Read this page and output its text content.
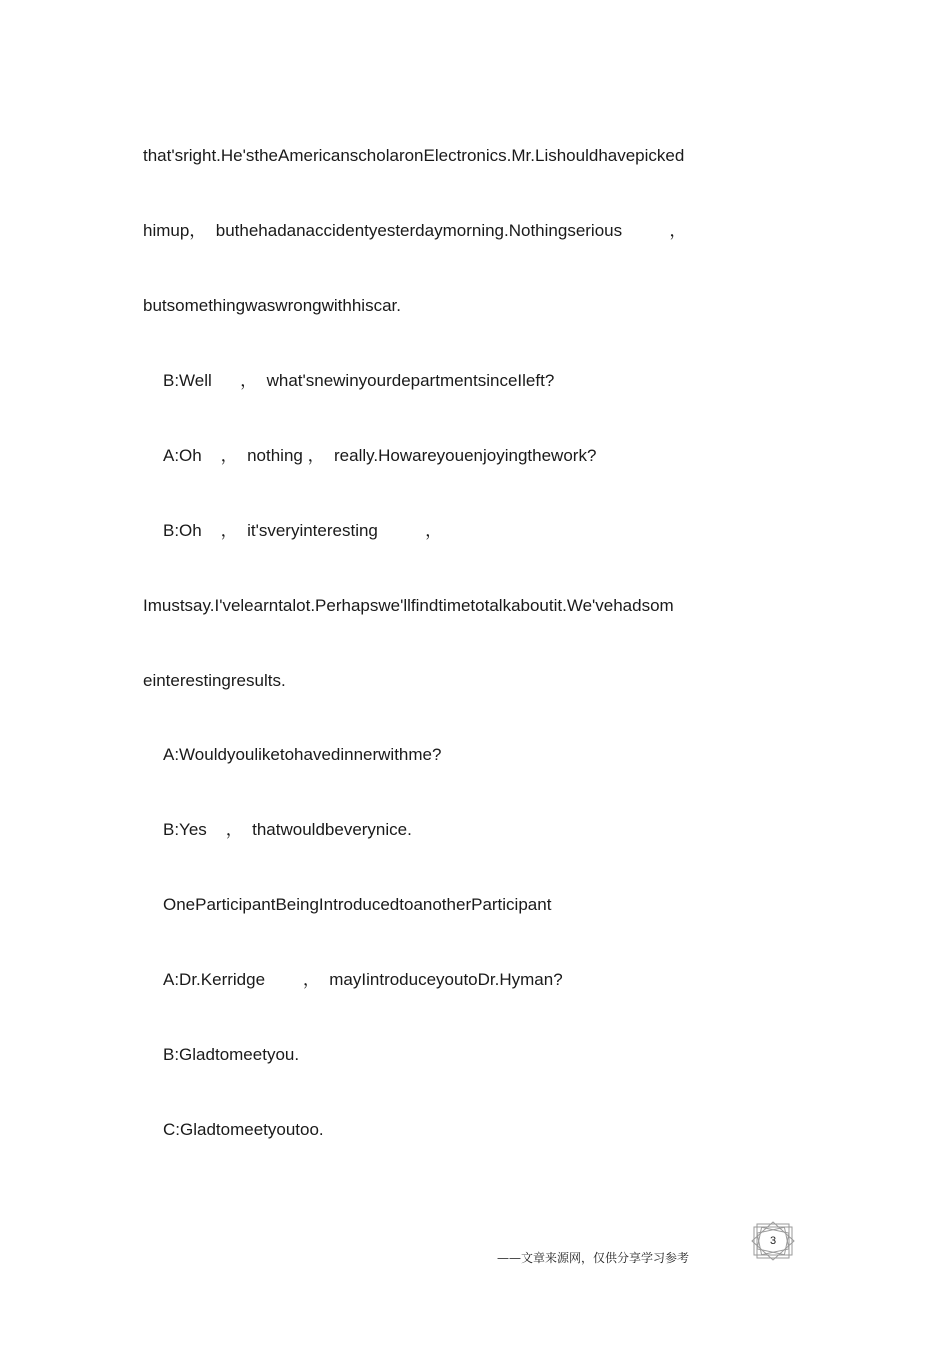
that'sright.He'stheAmericanscholaronElectronics.Mr.Lishouldhavepicked
himup，  buthehadanaccidentyesterdaymorning.Nothingserious          ，
butsomethingwaswrongwithhiscar.
B:Well      ，  what'snewinyourdepartmentsinceIleft?
A:Oh    ，  nothing ，  really.Howareyouenjoyingthework?
B:Oh    ，  it'sveryinteresting          ，
Imustsay.I'velearntalot.Perhapswe'llfindtimetotalkaboutit.We'vehadsom
einterestingresults.
A:Wouldyouliketohavedinnerwithme?
B:Yes    ，  thatwouldbeverynice.
OneParticipantBeingIntroducedtoanotherParticipant
A:Dr.Kerridge        ，  mayIintroduceyoutoDr.Hyman?
B:Gladtomeetyou.
C:Gladtomeetyoutoo.
——文章来源网，仅供分享学习参考
3
